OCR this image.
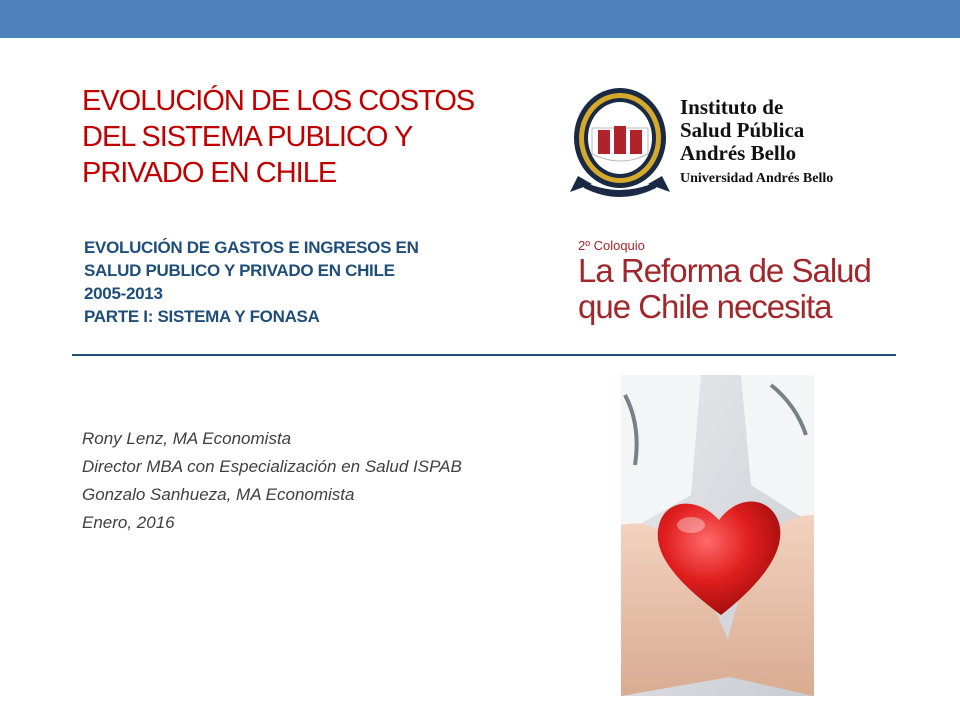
EVOLUCIÓN DE LOS COSTOS
DEL SISTEMA PUBLICO Y
PRIVADO EN CHILE
EVOLUCIÓN DE GASTOS E INGRESOS EN
SALUD PUBLICO Y PRIVADO EN CHILE
2005-2013
PARTE I: SISTEMA Y FONASA

Rony Lenz, MA Economista

Director MBA con Especialización en Salud ISPAB

Gonzalo Sanhueza, MA Economista

Enero, 2016

Instituto de
Salud Pública
Andrés Bello
Universidad Andrés Bello
2º Coloquio
La Reforma de Salud
que Chile necesita
